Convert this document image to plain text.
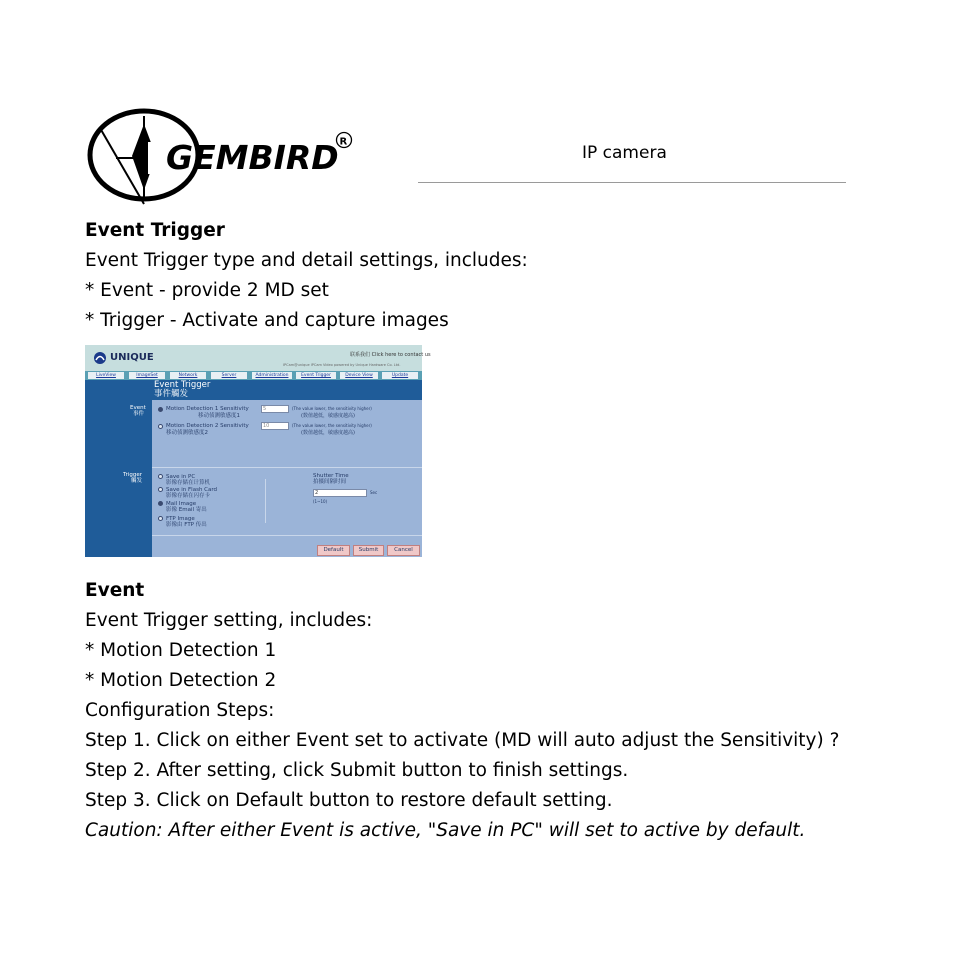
GEMBIRD R
IP camera
Event Trigger
Event Trigger type and detail settings, includes:
* Event - provide 2 MD set
* Trigger - Activate and capture images
UNIQUE	联系我们 Click here to contact us
IPCam@unique IPCam Video powered by Unique Hardware Co. Ltd.
LiveView	ImageSet	Network	Server	Administration	Event Trigger	Device View	Update
Event Trigger
事件觸发
Event
事件
Motion Detection 1 Sensitivity
移动侦测敏感度1
5	(The value lower, the sensitivity higher)
(数值越低，敏感度越高)
Motion Detection 2 Sensitivity
移动侦测敏感度2
10	(The value lower, the sensitivity higher)
(数值越低，敏感度越高)
Trigger
觸发
Save in PC
影像存储在计算机
Save in Flash Card
影像存储在闪存卡
Mail Image
影像 Email 寄出
FTP Image
影像由 FTP 传出
Shutter Time
拍摄间隔时间
2	Sec
(1~10)
Default	Submit	Cancel
Event
Event Trigger setting, includes:
* Motion Detection 1
* Motion Detection 2
Configuration Steps:
Step 1. Click on either Event set to activate (MD will auto adjust the Sensitivity) ?
Step 2. After setting, click Submit button to finish settings.
Step 3. Click on Default button to restore default setting.
Caution: After either Event is active, "Save in PC" will set to active by default.
